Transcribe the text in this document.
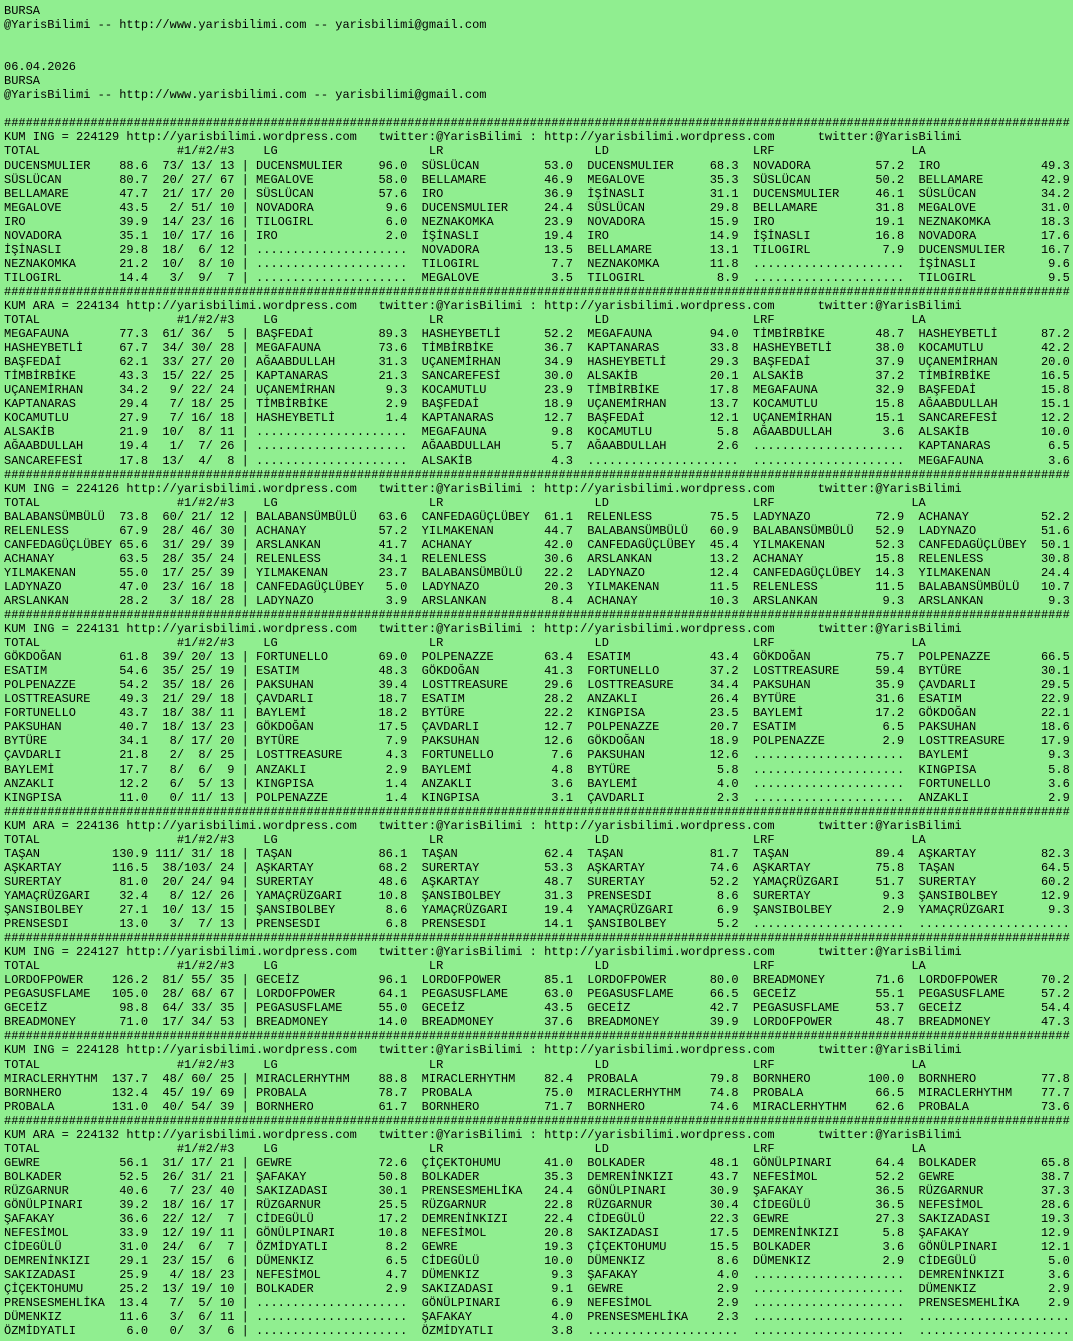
BURSA
@YarisBilimi -- http://www.yarisbilimi.com -- yarisbilimi@gmail.com

06.04.2026
BURSA
@YarisBilimi -- http://www.yarisbilimi.com -- yarisbilimi@gmail.com

####################################################################################################################################################
KUM ING = 224129 http://yarisbilimi.wordpress.com   twitter:@YarisBilimi : http://yarisbilimi.wordpress.com      twitter:@YarisBilimi
TOTAL                   #1/#2/#3    LG                     LR                     LD                    LRF                   LA
DUCENSMULIER    88.6  73/ 13/ 13 | DUCENSMULIER     96.0  SÜSLÜCAN         53.0  DUCENSMULIER     68.3  NOVADORA         57.2  IRO              49.3
SÜSLÜCAN        80.7  20/ 27/ 67 | MEGALOVE         58.0  BELLAMARE        46.9  MEGALOVE         35.3  SÜSLÜCAN         50.2  BELLAMARE        42.9
BELLAMARE       47.7  21/ 17/ 20 | SÜSLÜCAN         57.6  IRO              36.9  İŞİNASLI         31.1  DUCENSMULIER     46.1  SÜSLÜCAN         34.2
MEGALOVE        43.5   2/ 51/ 10 | NOVADORA          9.6  DUCENSMULIER     24.4  SÜSLÜCAN         29.8  BELLAMARE        31.8  MEGALOVE         31.0
IRO             39.9  14/ 23/ 16 | TILOGIRL          6.0  NEZNAKOMKA       23.9  NOVADORA         15.9  IRO              19.1  NEZNAKOMKA       18.3
NOVADORA        35.1  10/ 17/ 16 | IRO               2.0  İŞİNASLI         19.4  IRO              14.9  İŞİNASLI         16.8  NOVADORA         17.6
İŞİNASLI        29.8  18/  6/ 12 | .....................  NOVADORA         13.5  BELLAMARE        13.1  TILOGIRL          7.9  DUCENSMULIER     16.7
NEZNAKOMKA      21.2  10/  8/ 10 | .....................  TILOGIRL          7.7  NEZNAKOMKA       11.8  .....................  İŞİNASLI          9.6
TILOGIRL        14.4   3/  9/  7 | .....................  MEGALOVE          3.5  TILOGIRL          8.9  .....................  TILOGIRL          9.5
####################################################################################################################################################
KUM ARA = 224134 http://yarisbilimi.wordpress.com   twitter:@YarisBilimi : http://yarisbilimi.wordpress.com      twitter:@YarisBilimi
TOTAL                   #1/#2/#3    LG                     LR                     LD                    LRF                   LA
MEGAFAUNA       77.3  61/ 36/  5 | BAŞFEDAİ         89.3  HASHEYBETLİ      52.2  MEGAFAUNA        94.0  TİMBİRBİKE       48.7  HASHEYBETLİ      87.2
HASHEYBETLİ     67.7  34/ 30/ 28 | MEGAFAUNA        73.6  TİMBİRBİKE       36.7  KAPTANARAS       33.8  HASHEYBETLİ      38.0  KOCAMUTLU        42.2
BAŞFEDAİ        62.1  33/ 27/ 20 | AĞAABDULLAH      31.3  UÇANEMİRHAN      34.9  HASHEYBETLİ      29.3  BAŞFEDAİ         37.9  UÇANEMİRHAN      20.0
TİMBİRBİKE      43.3  15/ 22/ 25 | KAPTANARAS       21.3  SANCAREFESİ      30.0  ALSAKİB          20.1  ALSAKİB          37.2  TİMBİRBİKE       16.5
UÇANEMİRHAN     34.2   9/ 22/ 24 | UÇANEMİRHAN       9.3  KOCAMUTLU        23.9  TİMBİRBİKE       17.8  MEGAFAUNA        32.9  BAŞFEDAİ         15.8
KAPTANARAS      29.4   7/ 18/ 25 | TİMBİRBİKE        2.9  BAŞFEDAİ         18.9  UÇANEMİRHAN      13.7  KOCAMUTLU        15.8  AĞAABDULLAH      15.1
KOCAMUTLU       27.9   7/ 16/ 18 | HASHEYBETLİ       1.4  KAPTANARAS       12.7  BAŞFEDAİ         12.1  UÇANEMİRHAN      15.1  SANCAREFESİ      12.2
ALSAKİB         21.9  10/  8/ 11 | .....................  MEGAFAUNA         9.8  KOCAMUTLU         5.8  AĞAABDULLAH       3.6  ALSAKİB          10.0
AĞAABDULLAH     19.4   1/  7/ 26 | .....................  AĞAABDULLAH       5.7  AĞAABDULLAH       2.6  .....................  KAPTANARAS        6.5
SANCAREFESİ     17.8  13/  4/  8 | .....................  ALSAKİB           4.3  .....................  .....................  MEGAFAUNA         3.6
####################################################################################################################################################
KUM ING = 224126 http://yarisbilimi.wordpress.com   twitter:@YarisBilimi : http://yarisbilimi.wordpress.com      twitter:@YarisBilimi
TOTAL                   #1/#2/#3    LG                     LR                     LD                    LRF                   LA
BALABANSÜMBÜLÜ  73.8  60/ 21/ 12 | BALABANSÜMBÜLÜ   63.6  CANFEDAGÜÇLÜBEY  61.1  RELENLESS        75.5  LADYNAZO         72.9  ACHANAY          52.2
RELENLESS       67.9  28/ 46/ 30 | ACHANAY          57.2  YILMAKENAN       44.7  BALABANSÜMBÜLÜ   60.9  BALABANSÜMBÜLÜ   52.9  LADYNAZO         51.6
CANFEDAGÜÇLÜBEY 65.6  31/ 29/ 39 | ARSLANKAN        41.7  ACHANAY          42.0  CANFEDAGÜÇLÜBEY  45.4  YILMAKENAN       52.3  CANFEDAGÜÇLÜBEY  50.1
ACHANAY         63.5  28/ 35/ 24 | RELENLESS        34.1  RELENLESS        30.6  ARSLANKAN        13.2  ACHANAY          15.8  RELENLESS        30.8
YILMAKENAN      55.0  17/ 25/ 39 | YILMAKENAN       23.7  BALABANSÜMBÜLÜ   22.2  LADYNAZO         12.4  CANFEDAGÜÇLÜBEY  14.3  YILMAKENAN       24.4
LADYNAZO        47.0  23/ 16/ 18 | CANFEDAGÜÇLÜBEY   5.0  LADYNAZO         20.3  YILMAKENAN       11.5  RELENLESS        11.5  BALABANSÜMBÜLÜ   10.7
ARSLANKAN       28.2   3/ 18/ 28 | LADYNAZO          3.9  ARSLANKAN         8.4  ACHANAY          10.3  ARSLANKAN         9.3  ARSLANKAN         9.3
####################################################################################################################################################
KUM ING = 224131 http://yarisbilimi.wordpress.com   twitter:@YarisBilimi : http://yarisbilimi.wordpress.com      twitter:@YarisBilimi
TOTAL                   #1/#2/#3    LG                     LR                     LD                    LRF                   LA
GÖKDOĞAN        61.8  39/ 20/ 13 | FORTUNELLO       69.0  POLPENAZZE       63.4  ESATIM           43.4  GÖKDOĞAN         75.7  POLPENAZZE       66.5
ESATIM          54.6  35/ 25/ 19 | ESATIM           48.3  GÖKDOĞAN         41.3  FORTUNELLO       37.2  LOSTTREASURE     59.4  BYTÜRE           30.1
POLPENAZZE      54.2  35/ 18/ 26 | PAKSUHAN         39.4  LOSTTREASURE     29.6  LOSTTREASURE     34.4  PAKSUHAN         35.9  ÇAVDARLI         29.5
LOSTTREASURE    49.3  21/ 29/ 18 | ÇAVDARLI         18.7  ESATIM           28.2  ANZAKLI          26.4  BYTÜRE           31.6  ESATIM           22.9
FORTUNELLO      43.7  18/ 38/ 11 | BAYLEMİ          18.2  BYTÜRE           22.2  KINGPISA         23.5  BAYLEMİ          17.2  GÖKDOĞAN         22.1
PAKSUHAN        40.7  18/ 13/ 23 | GÖKDOĞAN         17.5  ÇAVDARLI         12.7  POLPENAZZE       20.7  ESATIM            6.5  PAKSUHAN         18.6
BYTÜRE          34.1   8/ 17/ 20 | BYTÜRE            7.9  PAKSUHAN         12.6  GÖKDOĞAN         18.9  POLPENAZZE        2.9  LOSTTREASURE     17.9
ÇAVDARLI        21.8   2/  8/ 25 | LOSTTREASURE      4.3  FORTUNELLO        7.6  PAKSUHAN         12.6  .....................  BAYLEMİ           9.3
BAYLEMİ         17.7   8/  6/  9 | ANZAKLI           2.9  BAYLEMİ           4.8  BYTÜRE            5.8  .....................  KINGPISA          5.8
ANZAKLI         12.2   6/  5/ 13 | KINGPISA          1.4  ANZAKLI           3.6  BAYLEMİ           4.0  .....................  FORTUNELLO        3.6
KINGPISA        11.0   0/ 11/ 13 | POLPENAZZE        1.4  KINGPISA          3.1  ÇAVDARLI          2.3  .....................  ANZAKLI           2.9
####################################################################################################################################################
KUM ARA = 224136 http://yarisbilimi.wordpress.com   twitter:@YarisBilimi : http://yarisbilimi.wordpress.com      twitter:@YarisBilimi
TOTAL                   #1/#2/#3    LG                     LR                     LD                    LRF                   LA
TAŞAN          130.9 111/ 31/ 18 | TAŞAN            86.1  TAŞAN            62.4  TAŞAN            81.7  TAŞAN            89.4  AŞKARTAY         82.3
AŞKARTAY       116.5  38/103/ 24 | AŞKARTAY         68.2  SURERTAY         53.3  AŞKARTAY         74.6  AŞKARTAY         75.8  TAŞAN            64.5
SURERTAY        81.0  20/ 24/ 94 | SURERTAY         48.6  AŞKARTAY         48.7  SURERTAY         52.2  YAMAÇRÜZGARI     51.7  SURERTAY         60.2
YAMAÇRÜZGARI    32.4   8/ 12/ 26 | YAMAÇRÜZGARI     10.8  ŞANSIBOLBEY      31.3  PRENSESDI         8.6  SURERTAY          9.3  ŞANSIBOLBEY      12.9
ŞANSIBOLBEY     27.1  10/ 13/ 15 | ŞANSIBOLBEY       8.6  YAMAÇRÜZGARI     19.4  YAMAÇRÜZGARI      6.9  ŞANSIBOLBEY       2.9  YAMAÇRÜZGARI      9.3
PRENSESDI       13.0   3/  7/ 13 | PRENSESDI         6.8  PRENSESDI        14.1  ŞANSIBOLBEY       5.2  .....................  .....................
####################################################################################################################################################
KUM ING = 224127 http://yarisbilimi.wordpress.com   twitter:@YarisBilimi : http://yarisbilimi.wordpress.com      twitter:@YarisBilimi
TOTAL                   #1/#2/#3    LG                     LR                     LD                    LRF                   LA
LORDOFPOWER    126.2  81/ 55/ 35 | GECEİZ           96.1  LORDOFPOWER      85.1  LORDOFPOWER      80.0  BREADMONEY       71.6  LORDOFPOWER      70.2
PEGASUSFLAME   105.0  28/ 68/ 67 | LORDOFPOWER      64.1  PEGASUSFLAME     63.0  PEGASUSFLAME     66.5  GECEİZ           55.1  PEGASUSFLAME     57.2
GECEİZ          98.8  64/ 33/ 35 | PEGASUSFLAME     55.0  GECEİZ           43.5  GECEİZ           42.7  PEGASUSFLAME     53.7  GECEİZ           54.4
BREADMONEY      71.0  17/ 34/ 53 | BREADMONEY       14.0  BREADMONEY       37.6  BREADMONEY       39.9  LORDOFPOWER      48.7  BREADMONEY       47.3
####################################################################################################################################################
KUM ING = 224128 http://yarisbilimi.wordpress.com   twitter:@YarisBilimi : http://yarisbilimi.wordpress.com      twitter:@YarisBilimi
TOTAL                   #1/#2/#3    LG                     LR                     LD                    LRF                   LA
MIRACLERHYTHM  137.7  48/ 60/ 25 | MIRACLERHYTHM    88.8  MIRACLERHYTHM    82.4  PROBALA          79.8  BORNHERO        100.0  BORNHERO         77.8
BORNHERO       132.4  45/ 19/ 69 | PROBALA          78.7  PROBALA          75.0  MIRACLERHYTHM    74.8  PROBALA          66.5  MIRACLERHYTHM    77.7
PROBALA        131.0  40/ 54/ 39 | BORNHERO         61.7  BORNHERO         71.7  BORNHERO         74.6  MIRACLERHYTHM    62.6  PROBALA          73.6
####################################################################################################################################################
KUM ARA = 224132 http://yarisbilimi.wordpress.com   twitter:@YarisBilimi : http://yarisbilimi.wordpress.com      twitter:@YarisBilimi
TOTAL                   #1/#2/#3    LG                     LR                     LD                    LRF                   LA
GEWRE           56.1  31/ 17/ 21 | GEWRE            72.6  ÇİÇEKTOHUMU      41.0  BOLKADER         48.1  GÖNÜLPINARI      64.4  BOLKADER         65.8
BOLKADER        52.5  26/ 31/ 21 | ŞAFAKAY          50.8  BOLKADER         35.3  DEMRENİNKIZI     43.7  NEFESİMOL        52.2  GEWRE            38.7
RÜZGARNUR       40.6   7/ 23/ 40 | SAKIZADASI       30.1  PRENSESMEHLİKA   24.4  GÖNÜLPINARI      30.9  ŞAFAKAY          36.5  RÜZGARNUR        37.3
GÖNÜLPINARI     39.2  18/ 16/ 17 | RÜZGARNUR        25.5  RÜZGARNUR        22.8  RÜZGARNUR        30.4  CİDEGÜLÜ         36.5  NEFESİMOL        28.6
ŞAFAKAY         36.6  22/ 12/  7 | CİDEGÜLÜ         17.2  DEMRENİNKIZI     22.4  CİDEGÜLÜ         22.3  GEWRE            27.3  SAKIZADASI       19.3
NEFESİMOL       33.9  12/ 19/ 11 | GÖNÜLPINARI      10.8  NEFESİMOL        20.8  SAKIZADASI       17.5  DEMRENİNKIZI      5.8  ŞAFAKAY          12.9
CİDEGÜLÜ        31.0  24/  6/  7 | ÖZMİDYATLI        8.2  GEWRE            19.3  ÇİÇEKTOHUMU      15.5  BOLKADER          3.6  GÖNÜLPINARI      12.1
DEMRENİNKIZI    29.1  23/ 15/  6 | DÜMENKIZ          6.5  CİDEGÜLÜ         10.0  DÜMENKIZ          8.6  DÜMENKIZ          2.9  CİDEGÜLÜ          5.0
SAKIZADASI      25.9   4/ 18/ 23 | NEFESİMOL         4.7  DÜMENKIZ          9.3  ŞAFAKAY           4.0  .....................  DEMRENİNKIZI      3.6
ÇİÇEKTOHUMU     25.2  13/ 19/ 10 | BOLKADER          2.9  SAKIZADASI        9.1  GEWRE             2.9  .....................  DÜMENKIZ          2.9
PRENSESMEHLİKA  13.4   7/  5/ 10 | .....................  GÖNÜLPINARI       6.9  NEFESİMOL         2.9  .....................  PRENSESMEHLİKA    2.9
DÜMENKIZ        11.6   3/  6/ 11 | .....................  ŞAFAKAY           4.0  PRENSESMEHLİKA    2.3  .....................  .....................
ÖZMİDYATLI       6.0   0/  3/  6 | .....................  ÖZMİDYATLI        3.8  .....................  .....................  .....................
